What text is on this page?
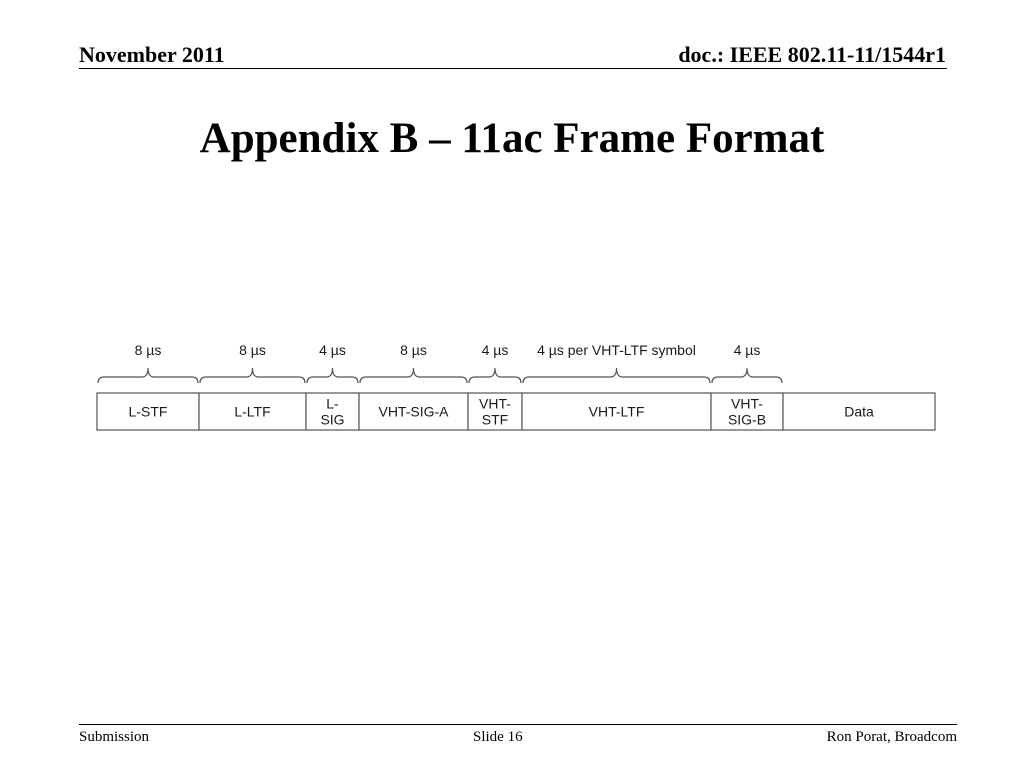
November 2011	doc.: IEEE 802.11-11/1544r1
Appendix B – 11ac Frame Format
L-STF	L-LTF	L-
SIG VHT-SIG-A VHT-
STF	VHT-LTF	VHT-
SIG-B	Data
8 µs	8 µs	4 µs	8 µs	4 µs 4 µs per VHT-LTF symbol	4 µs
Submission	Slide 16	Ron Porat, Broadcom
